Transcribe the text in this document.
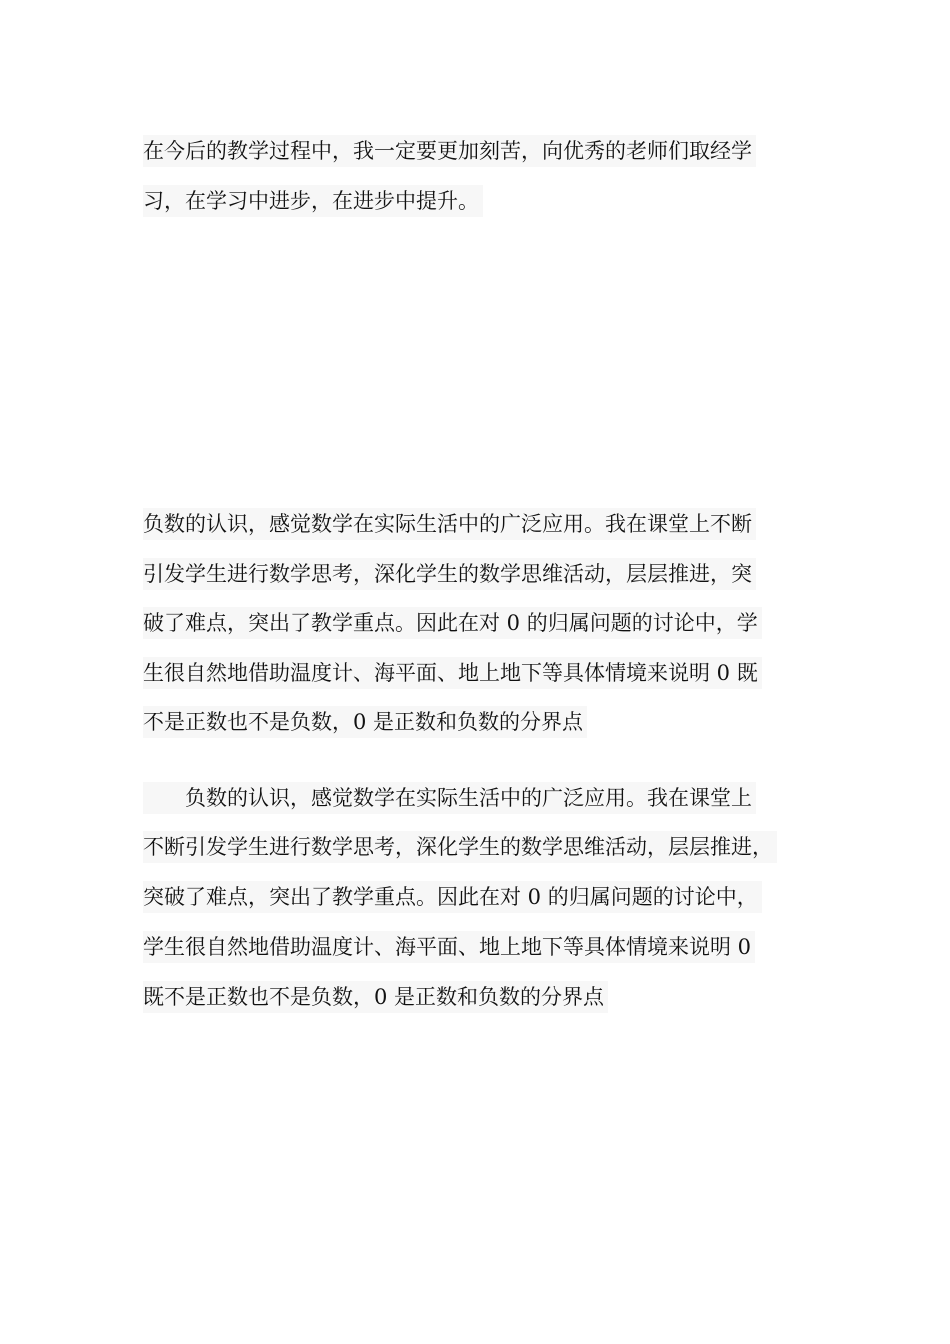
在今后的教学过程中，我一定要更加刻苦，向优秀的老师们取经学
习，在学习中进步，在进步中提升。
负数的认识，感觉数学在实际生活中的广泛应用。我在课堂上不断
引发学生进行数学思考，深化学生的数学思维活动，层层推进，突
破了难点，突出了教学重点。因此在对 0 的归属问题的讨论中，学
生很自然地借助温度计、海平面、地上地下等具体情境来说明 0 既
不是正数也不是负数，0 是正数和负数的分界点
　　负数的认识，感觉数学在实际生活中的广泛应用。我在课堂上
不断引发学生进行数学思考，深化学生的数学思维活动，层层推进，
突破了难点，突出了教学重点。因此在对 0 的归属问题的讨论中，
学生很自然地借助温度计、海平面、地上地下等具体情境来说明 0
既不是正数也不是负数，0 是正数和负数的分界点
